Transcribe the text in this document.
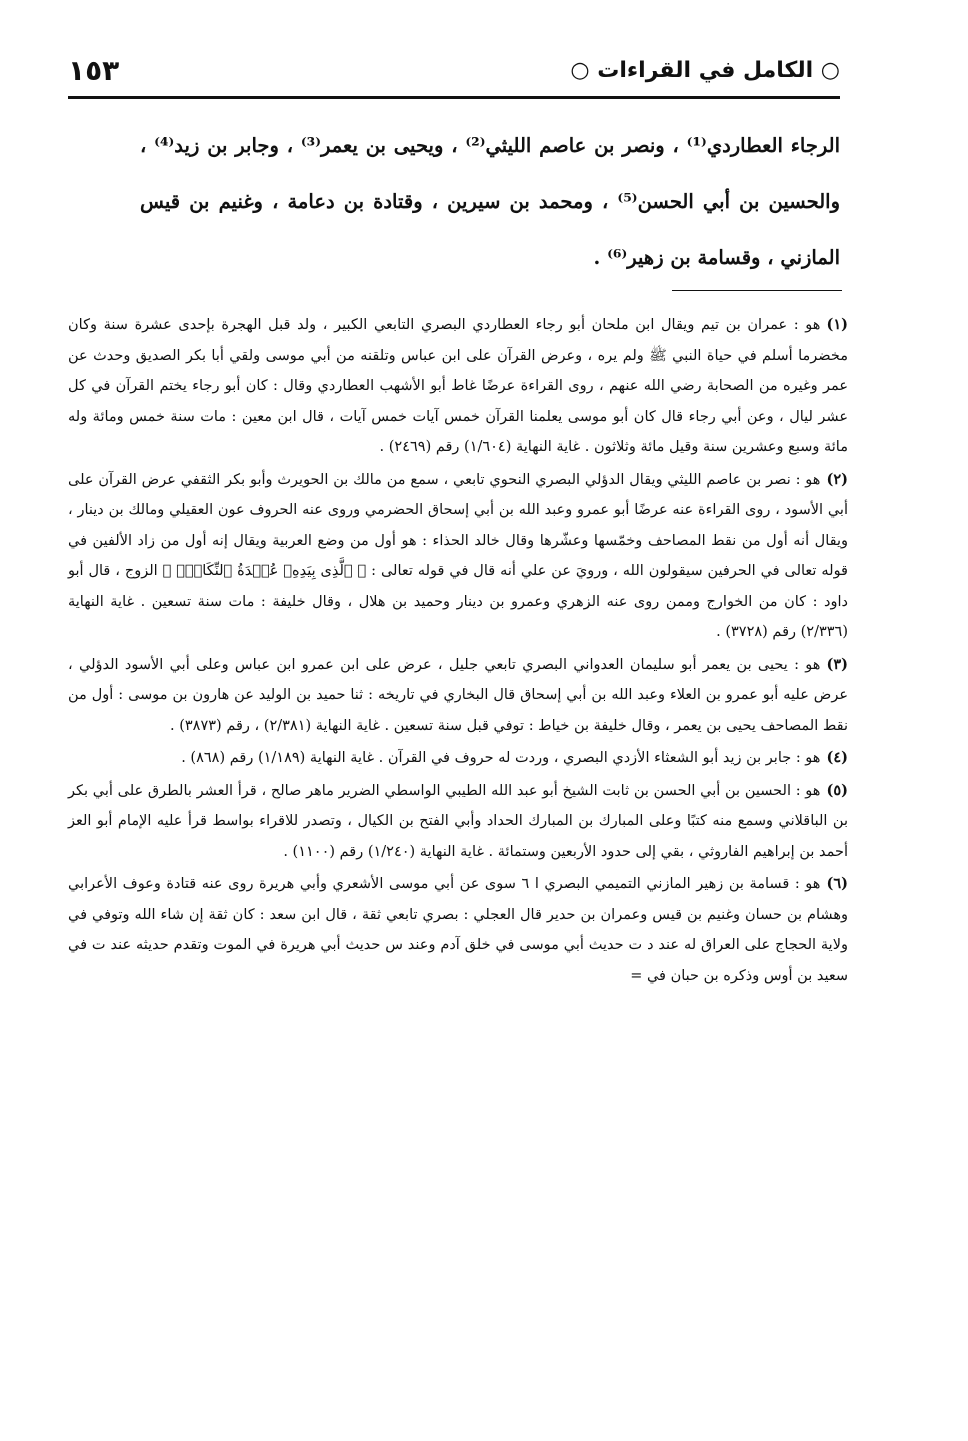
○ الكامل في القراءات ○
١٥٣

الرجاء العطاردي⁽¹⁾ ، ونصر بن عاصم الليثي⁽²⁾ ، ويحيى بن يعمر⁽³⁾ ، وجابر بن زيد⁽⁴⁾ ، والحسين بن أبي الحسن⁽⁵⁾ ، ومحمد بن سيرين ، وقتادة بن دعامة ، وغنيم بن قيس المازني ، وقسامة بن زهير⁽⁶⁾ .

(١)هو : عمران بن تيم ويقال ابن ملحان أبو رجاء العطاردي البصري التابعي الكبير ، ولد قبل الهجرة بإحدى عشرة سنة وكان مخضرما أسلم في حياة النبي ﷺ ولم يره ، وعرض القرآن على ابن عباس وتلقنه من أبي موسى ولقي أبا بكر الصديق وحدث عن عمر وغيره من الصحابة رضي الله عنهم ، روى القراءة عرضًا غاط أبو الأشهب العطاردي وقال : كان أبو رجاء يختم القرآن في كل عشر ليال ، وعن أبي رجاء قال كان أبو موسى يعلمنا القرآن خمس آيات خمس آيات ، قال ابن معين : مات سنة خمس ومائة وله مائة وسبع وعشرين سنة وقيل مائة وثلاثون . غاية النهاية (١/٦٠٤) رقم (٢٤٦٩) .

(٢)هو : نصر بن عاصم الليثي ويقال الدؤلي البصري النحوي تابعي ، سمع من مالك بن الحويرث وأبو بكر الثقفي عرض القرآن على أبي الأسود ، روى القراءة عنه عرضًا أبو عمرو وعبد الله بن أبي إسحاق الحضرمي وروى عنه الحروف عون العقيلي ومالك بن دينار ، ويقال أنه أول من نقط المصاحف وخمّسها وعشّرها وقال خالد الحذاء : هو أول من وضع العربية ويقال إنه أول من زاد الألفين في قوله تعالى في الحرفين سيقولون الله ، ورويَ عن علي أنه قال في قوله تعالى : ﴿ ٱلَّذِى بِيَدِهِۦ عُقۡدَةُ ٱلنِّكَاحِۚ ﴾ الزوج ، قال أبو داود : كان من الخوارج وممن روى عنه الزهري وعمرو بن دينار وحميد بن هلال ، وقال خليفة : مات سنة تسعين . غاية النهاية (٢/٣٣٦) رقم (٣٧٢٨) .

(٣)هو : يحيى بن يعمر أبو سليمان العدواني البصري تابعي جليل ، عرض على ابن عمرو ابن عباس وعلى أبي الأسود الدؤلي ، عرض عليه أبو عمرو بن العلاء وعبد الله بن أبي إسحاق قال البخاري في تاريخه : ثنا حميد بن الوليد عن هارون بن موسى : أول من نقط المصاحف يحيى بن يعمر ، وقال خليفة بن خياط : توفي قبل سنة تسعين . غاية النهاية (٢/٣٨١) ، رقم (٣٨٧٣) .

(٤)هو : جابر بن زيد أبو الشعثاء الأزدي البصري ، وردت له حروف في القرآن . غاية النهاية (١/١٨٩) رقم (٨٦٨) .

(٥)هو : الحسين بن أبي الحسن بن ثابت الشيخ أبو عبد الله الطيبي الواسطي الضرير ماهر صالح ، قرأ العشر بالطرق على أبي بكر بن الباقلاني وسمع منه كتبًا وعلى المبارك بن المبارك الحداد وأبي الفتح بن الكيال ، وتصدر للاقراء بواسط قرأ عليه الإمام أبو العز أحمد بن إبراهيم الفاروثي ، بقي إلى حدود الأربعين وستمائة . غاية النهاية (١/٢٤٠) رقم (١١٠٠) .

(٦)هو : قسامة بن زهير المازني التميمي البصري ا ٦ سوى عن أبي موسى الأشعري وأبي هريرة روى عنه قتادة وعوف الأعرابي وهشام بن حسان وغنيم بن قيس وعمران بن حدير قال العجلي : بصري تابعي ثقة ، قال ابن سعد : كان ثقة إن شاء الله وتوفي في ولاية الحجاج على العراق له عند د ت حديث أبي موسى في خلق آدم وعند س حديث أبي هريرة في الموت وتقدم حديثه عند ت في سعيد بن أوس وذكره بن حبان في =
